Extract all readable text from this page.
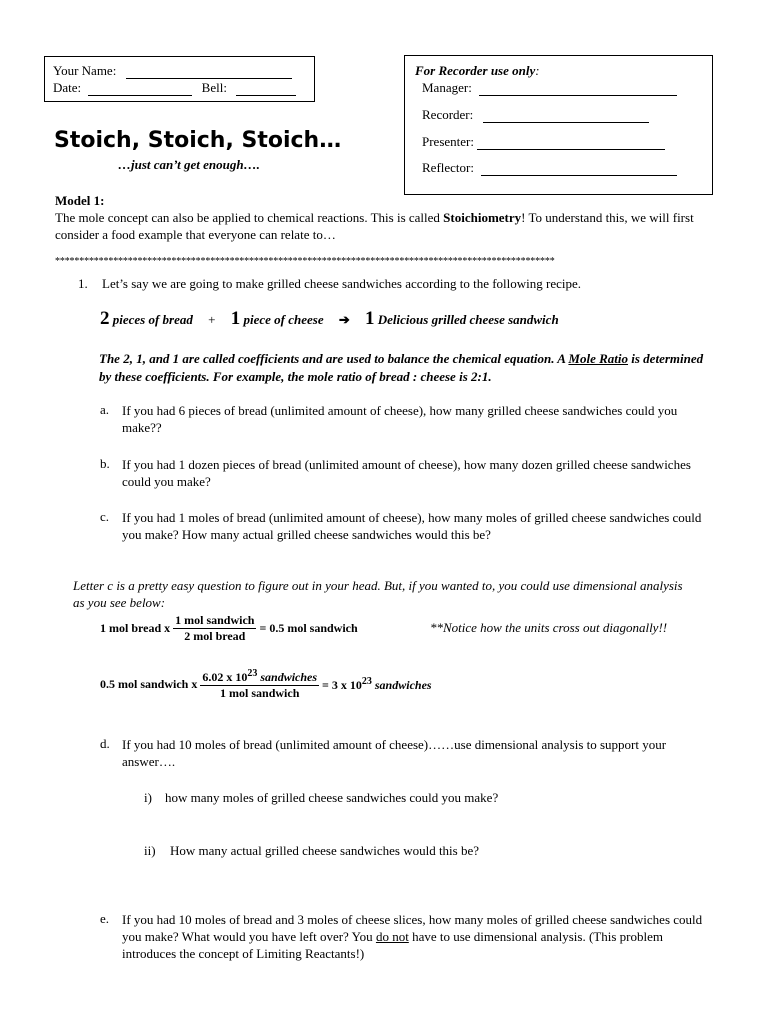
Your Name:
Date:	Bell:
For Recorder use only:
Manager:
Recorder:
Presenter:
Reflector:
Stoich, Stoich, Stoich…
…just can’t get enough….
Model 1:
The mole concept can also be applied to chemical reactions. This is called Stoichiometry! To understand this, we will first consider a food example that everyone can relate to…
*******************************************************************************************************
1. Let’s say we are going to make grilled cheese sandwiches according to the following recipe.
2 pieces of bread + 1 piece of cheese ➔ 1 Delicious grilled cheese sandwich
The 2, 1, and 1 are called coefficients and are used to balance the chemical equation. A Mole Ratio is determined by these coefficients. For example, the mole ratio of bread : cheese is 2:1.
a. If you had 6 pieces of bread (unlimited amount of cheese), how many grilled cheese sandwiches could you make??
b. If you had 1 dozen pieces of bread (unlimited amount of cheese), how many dozen grilled cheese sandwiches could you make?
c. If you had 1 moles of bread (unlimited amount of cheese), how many moles of grilled cheese sandwiches could you make? How many actual grilled cheese sandwiches would this be?
Letter c is a pretty easy question to figure out in your head. But, if you wanted to, you could use dimensional analysis as you see below:
1 mol bread x $\frac{\text{1 mol sandwich}}{\text{2 mol bread}} = 0.5$ mol sandwich	**Notice how the units cross out diagonally!!
0.5 mol sandwich x $\frac{6.02 x 10^{23} sandwiches}{\text{1 mol sandwich}} = 3$ x $10^{23}$ sandwiches
d. If you had 10 moles of bread (unlimited amount of cheese)……use dimensional analysis to support your answer….
i) how many moles of grilled cheese sandwiches could you make?
ii) How many actual grilled cheese sandwiches would this be?
e. If you had 10 moles of bread and 3 moles of cheese slices, how many moles of grilled cheese sandwiches could you make? What would you have left over? You do not have to use dimensional analysis. (This problem introduces the concept of Limiting Reactants!)
